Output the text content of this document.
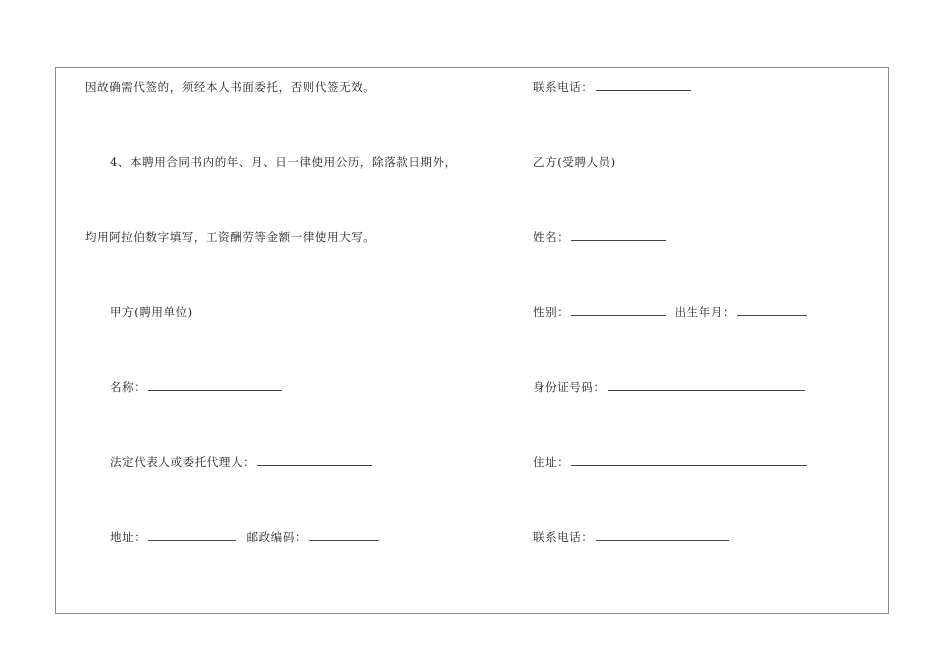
因故确需代签的，须经本人书面委托，否则代签无效。
4、本聘用合同书内的年、月、日一律使用公历，除落款日期外，
均用阿拉伯数字填写，工资酬劳等金额一律使用大写。
甲方(聘用单位)
名称：
法定代表人或委托代理人：
地址：	邮政编码：
联系电话：
乙方(受聘人员)
姓名：
性别：	出生年月：
身份证号码：
住址：
联系电话：
